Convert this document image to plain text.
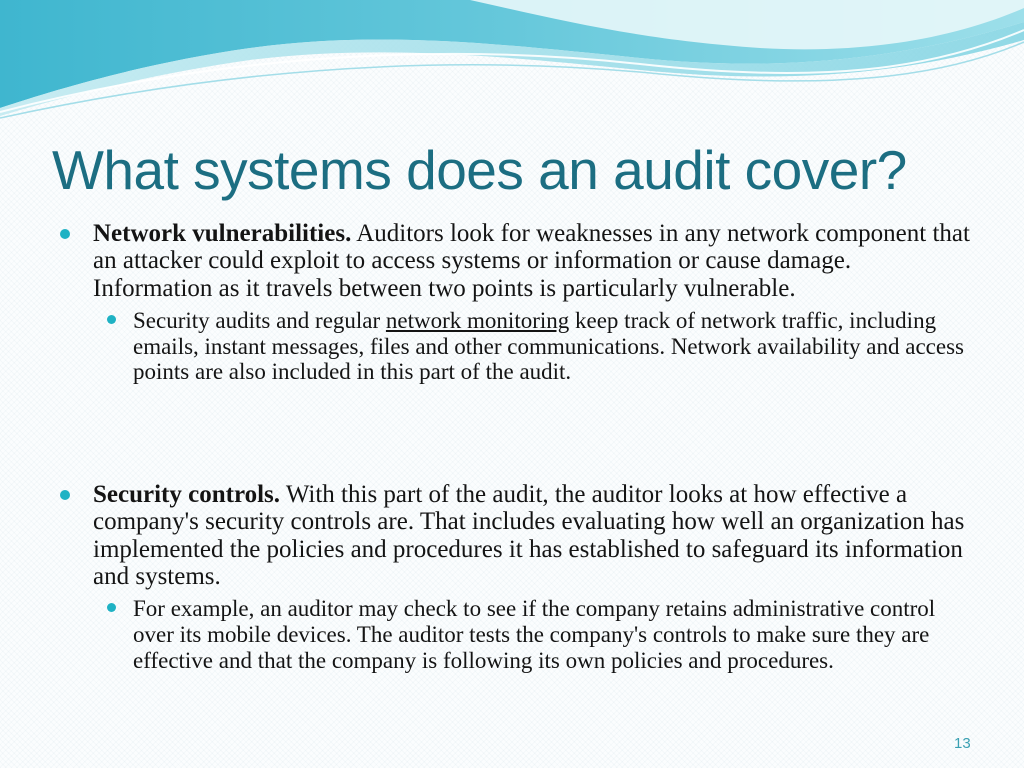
What systems does an audit cover?
Network vulnerabilities. Auditors look for weaknesses in any network component that an attacker could exploit to access systems or information or cause damage. Information as it travels between two points is particularly vulnerable.
Security audits and regular network monitoring keep track of network traffic, including emails, instant messages, files and other communications. Network availability and access points are also included in this part of the audit.
Security controls. With this part of the audit, the auditor looks at how effective a company's security controls are. That includes evaluating how well an organization has implemented the policies and procedures it has established to safeguard its information and systems.
For example, an auditor may check to see if the company retains administrative control over its mobile devices. The auditor tests the company's controls to make sure they are effective and that the company is following its own policies and procedures.
13
